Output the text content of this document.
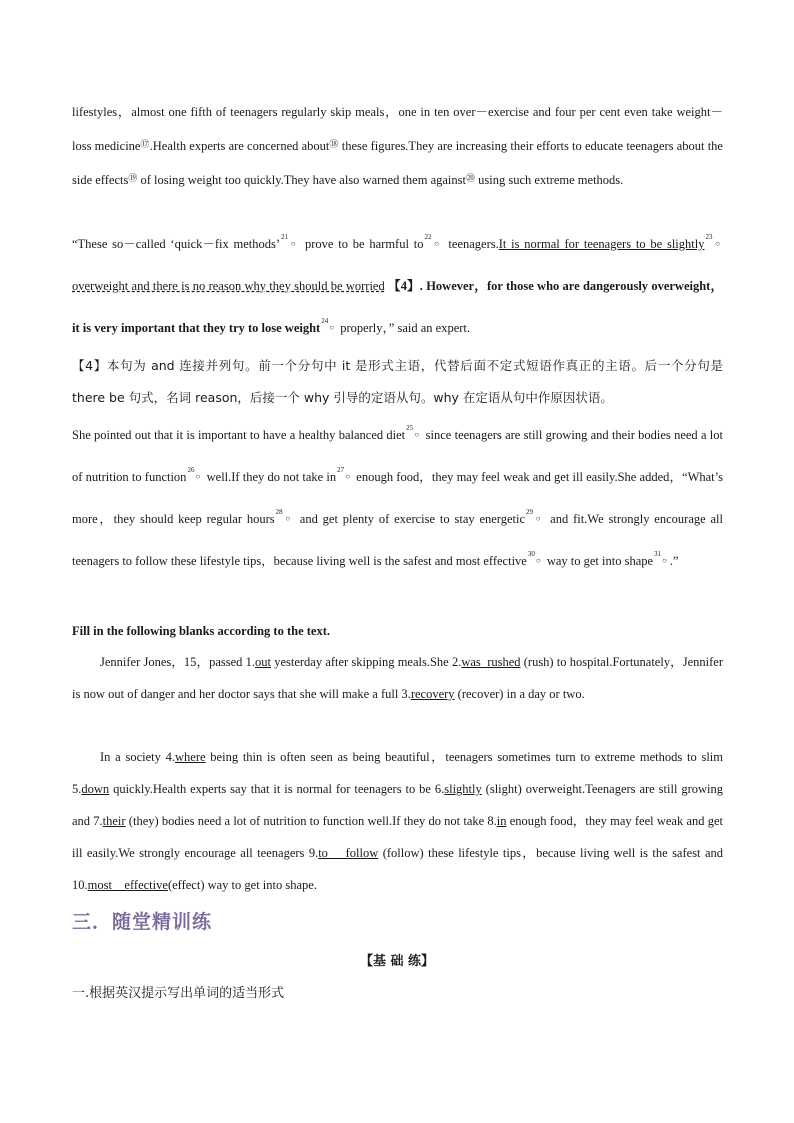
lifestyles，almost one fifth of teenagers regularly skip meals，one in ten over－exercise and four per cent even take weight－loss medicine⑰.Health experts are concerned about⑱ these figures.They are increasing their efforts to educate teenagers about the side effects⑲ of losing weight too quickly.They have also warned them against⑳ using such extreme methods.
“These so－called ‘quick－fix methods’$^{21}$○ prove to be harmful $to^{22}○$ teenagers.It is normal for teenagers to be slightly$^{23}$○ overweight and there is no reason why they should be worried 【4】. However，for those who are dangerously overweight，it is very important that they try to lose weight$^{24}$○ properly，” said an expert.
【4】本句为 and 连接并列句。前一个分句中 it 是形式主语，代替后面不定式短语作真正的主语。后一个分句是 there be 句式，名词 reason，后接一个 why 引导的定语从句。why 在定语从句中作原因状语。
She pointed out that it is important to have a healthy balanced diet$^{25}$○ since teenagers are still growing and their bodies need a lot of nutrition to function$^{26}$○ well.If they do not take $in^{27}○$ enough food，they may feel weak and get ill easily.She added，“What’s more，they should keep regular hours$^{28}$○ and get plenty of exercise to stay energetic$^{29}$○ and fit.We strongly encourage all teenagers to follow these lifestyle tips，because living well is the safest and most effective$^{30}$○ way to get into shape$^{31}$○ .”
Fill in the following blanks according to the text.
Jennifer Jones，15，passed 1.out yesterday after skipping meals.She 2.was  rushed (rush) to hospital.Fortunately，Jennifer is now out of danger and her doctor says that she will make a full 3.recovery (recover) in a day or two.
In a society 4.where being thin is often seen as being beautiful，teenagers sometimes turn to extreme methods to slim 5.down quickly.Health experts say that it is normal for teenagers to be 6.slightly (slight) overweight.Teenagers are still growing and 7.their (they) bodies need a lot of nutrition to function well.If they do not take 8.in enough food，they may feel weak and get ill easily.We strongly encourage all teenagers 9.to    follow (follow) these lifestyle tips，because living well is the safest and 10.most    effective(effect) way to get into shape.
三．随堂精训练
【基 础 练】
一.根据英汉提示写出单词的适当形式
